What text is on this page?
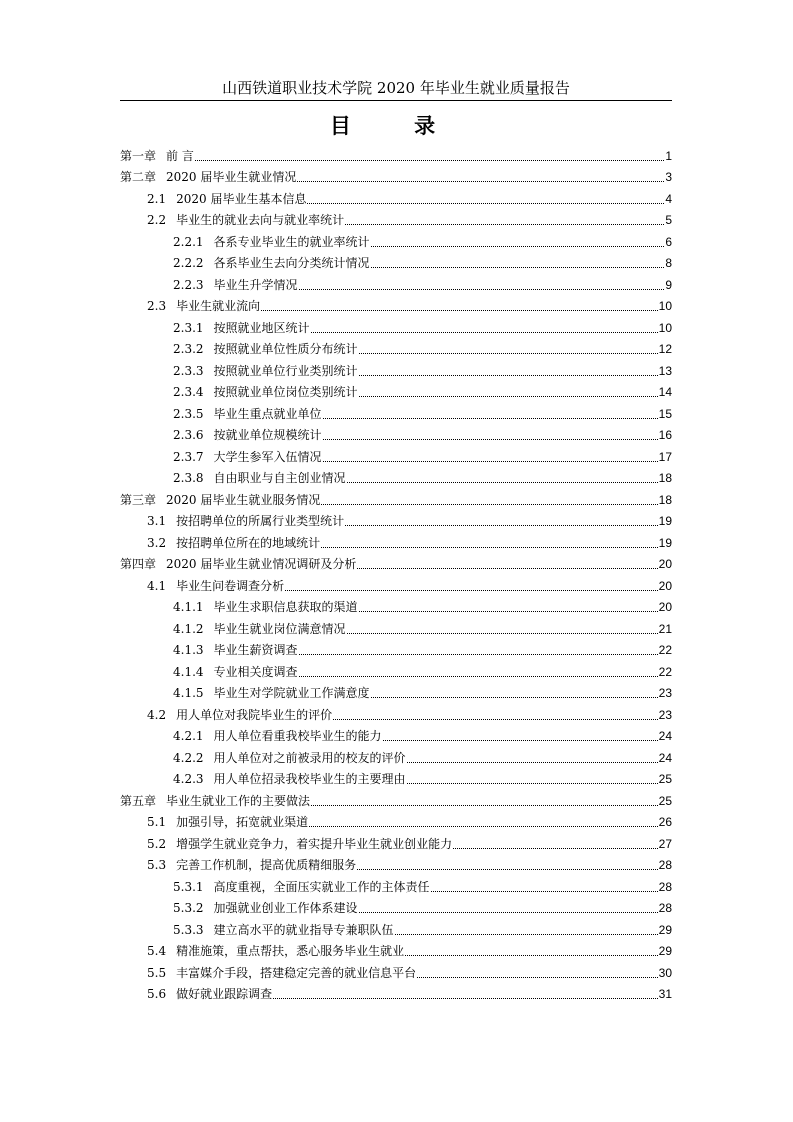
山西铁道职业技术学院 2020 年毕业生就业质量报告
目 录
第一章 前 言	1
第二章 2020 届毕业生就业情况	3
2.1 2020 届毕业生基本信息	4
2.2 毕业生的就业去向与就业率统计	5
2.2.1 各系专业毕业生的就业率统计	6
2.2.2 各系毕业生去向分类统计情况	8
2.2.3 毕业生升学情况	9
2.3 毕业生就业流向	10
2.3.1 按照就业地区统计	10
2.3.2 按照就业单位性质分布统计	12
2.3.3 按照就业单位行业类别统计	13
2.3.4 按照就业单位岗位类别统计	14
2.3.5 毕业生重点就业单位	15
2.3.6 按就业单位规模统计	16
2.3.7 大学生参军入伍情况	17
2.3.8 自由职业与自主创业情况	18
第三章 2020 届毕业生就业服务情况	18
3.1 按招聘单位的所属行业类型统计	19
3.2 按招聘单位所在的地域统计	19
第四章 2020 届毕业生就业情况调研及分析	20
4.1 毕业生问卷调查分析	20
4.1.1 毕业生求职信息获取的渠道	20
4.1.2 毕业生就业岗位满意情况	21
4.1.3 毕业生薪资调查	22
4.1.4 专业相关度调查	22
4.1.5 毕业生对学院就业工作满意度	23
4.2 用人单位对我院毕业生的评价	23
4.2.1 用人单位看重我校毕业生的能力	24
4.2.2 用人单位对之前被录用的校友的评价	24
4.2.3 用人单位招录我校毕业生的主要理由	25
第五章 毕业生就业工作的主要做法	25
5.1 加强引导，拓宽就业渠道	26
5.2 增强学生就业竞争力，着实提升毕业生就业创业能力	27
5.3 完善工作机制，提高优质精细服务	28
5.3.1 高度重视，全面压实就业工作的主体责任	28
5.3.2 加强就业创业工作体系建设	28
5.3.3 建立高水平的就业指导专兼职队伍	29
5.4 精准施策，重点帮扶，悉心服务毕业生就业	29
5.5 丰富媒介手段，搭建稳定完善的就业信息平台	30
5.6 做好就业跟踪调查	31
